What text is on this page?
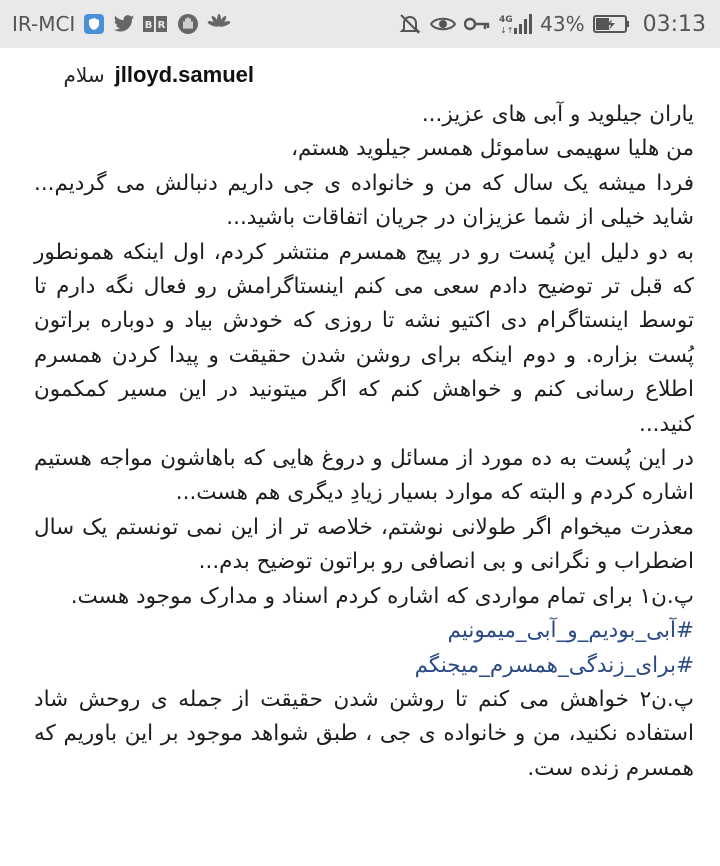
IR-MCI	B R	4G
↓↑ 43%	03:13
jlloyd.samuel
سلام

یاران جیلوید و آبی های عزیز...

من هلیا سهیمی ساموئل همسر جیلوید هستم،

فردا میشه یک سال که من و خانواده ی جی داریم دنبالش می گردیم... شاید خیلی از شما عزیزان در جریان اتفاقات باشید...

به دو دلیل این پُست رو در پیج همسرم منتشر کردم، اول اینکه همونطور که قبل تر توضیح دادم سعی می کنم اینستاگرامش رو فعال نگه دارم تا توسط اینستاگرام دی اکتیو نشه تا روزی که خودش بیاد و دوباره براتون پُست بزاره. و دوم اینکه برای روشن شدن حقیقت و پیدا کردن همسرم اطلاع رسانی کنم و خواهش کنم که اگر میتونید در این مسیر کمکمون کنید...

در این پُست به ده مورد از مسائل و دروغ هایی که باهاشون مواجه هستیم اشاره کردم و البته که موارد بسیار زیادِ دیگری هم هست...

معذرت میخوام اگر طولانی نوشتم، خلاصه تر از این نمی تونستم یک سال اضطراب و نگرانی و بی انصافی رو براتون توضیح بدم...

پ.ن۱ برای تمام مواردی که اشاره کردم اسناد و مدارک موجود هست.

#آبی_بودیم_و_آبی_میمونیم

#برای_زندگی_همسرم_میجنگم

پ.ن۲ خواهش می کنم تا روشن شدن حقیقت از جمله ی روحش شاد استفاده نکنید، من و خانواده ی جی ، طبق شواهد موجود بر این باوریم که همسرم زنده ست.
